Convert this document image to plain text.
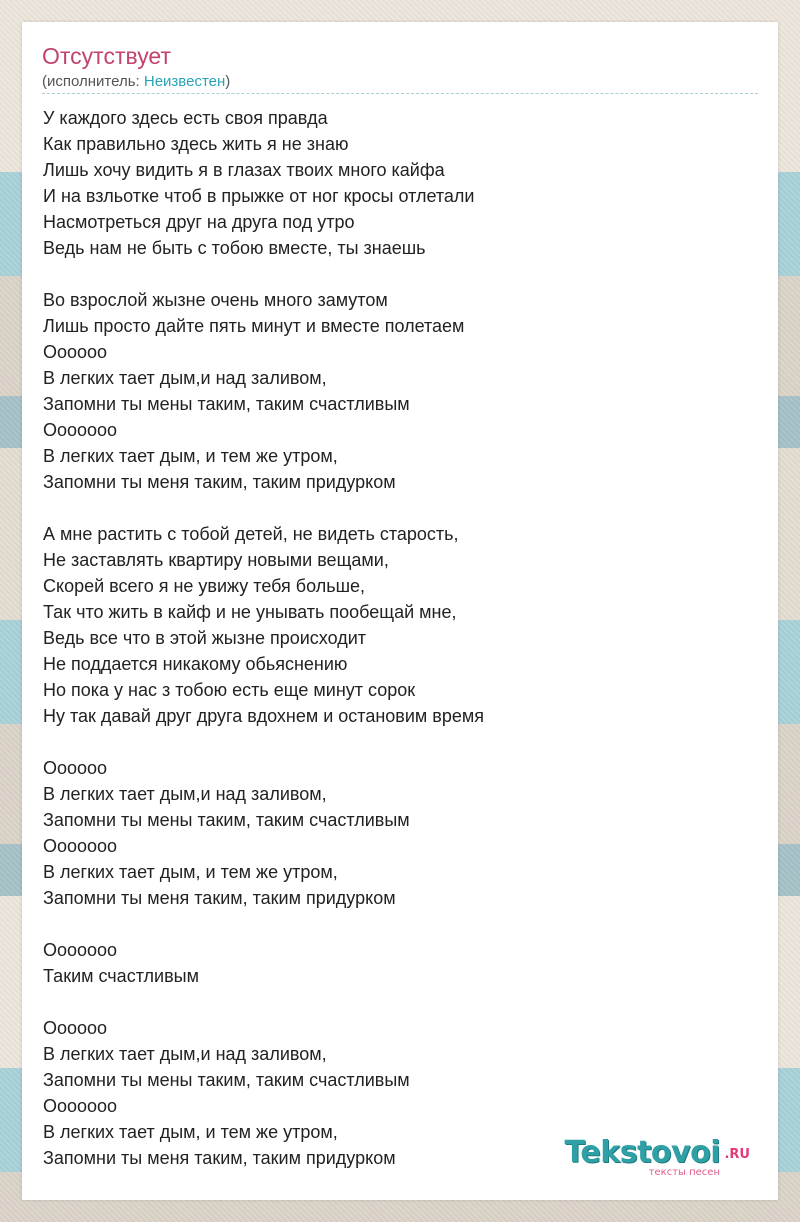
Отсутствует
(исполнитель: Неизвестен)
У каждого здесь есть своя правда
Как правильно здесь жить я не знаю
Лишь хочу видить я в глазах твоих много кайфа
И на взльотке чтоб в прыжке от ног кросы отлетали
Насмотреться друг на друга под утро
Ведь нам не быть с тобою вместе, ты знаешь
Во взрослой жызне очень много замутом
Лишь просто дайте пять минут и вместе полетаем
Оооооо
В легких тает дым,и над заливом,
Запомни ты мены таким, таким счастливым
Ооооооо
В легких тает дым, и тем же утром,
Запомни ты меня таким, таким придурком
А мне растить с тобой детей, не видеть старость,
Не заставлять квартиру новыми вещами,
Скорей всего я не увижу тебя больше,
Так что жить в кайф и не унывать пообещай мне,
Ведь все что в этой жызне происходит
Не поддается никакому обьяснению
Но пока у нас з тобою есть еще минут сорок
Ну так давай друг друга вдохнем и остановим время
Оооооо
В легких тает дым,и над заливом,
Запомни ты мены таким, таким счастливым
Ооооооо
В легких тает дым, и тем же утром,
Запомни ты меня таким, таким придурком
Ооооооо
Таким счастливым
Оооооо
В легких тает дым,и над заливом,
Запомни ты мены таким, таким счастливым
Ооооооо
В легких тает дым, и тем же утром,
Запомни ты меня таким, таким придурком	Tekstovoi .RU
тексты песен
